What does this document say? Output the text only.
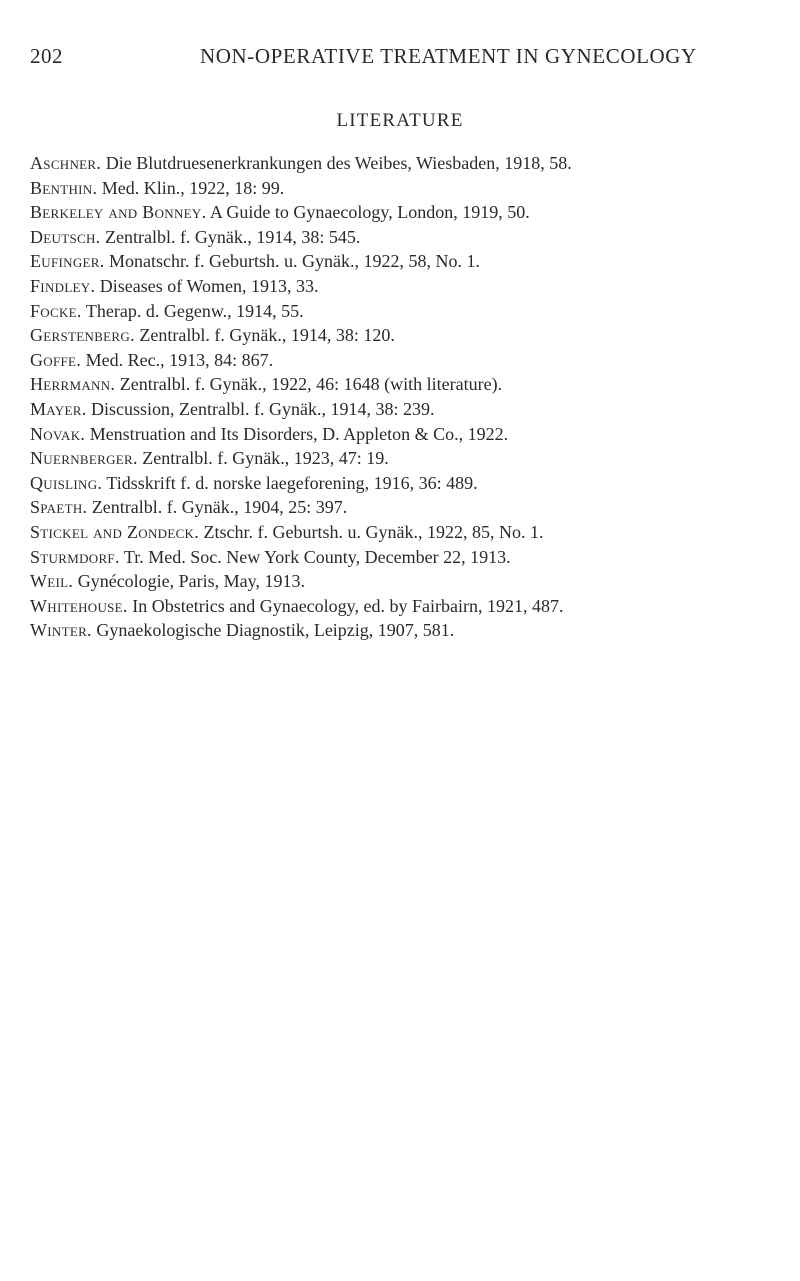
202	NON-OPERATIVE TREATMENT IN GYNECOLOGY
LITERATURE
Aschner. Die Blutdruesenerkrankungen des Weibes, Wiesbaden, 1918, 58.
Benthin. Med. Klin., 1922, 18: 99.
Berkeley and Bonney. A Guide to Gynaecology, London, 1919, 50.
Deutsch. Zentralbl. f. Gynäk., 1914, 38: 545.
Eufinger. Monatschr. f. Geburtsh. u. Gynäk., 1922, 58, No. 1.
Findley. Diseases of Women, 1913, 33.
Focke. Therap. d. Gegenw., 1914, 55.
Gerstenberg. Zentralbl. f. Gynäk., 1914, 38: 120.
Goffe. Med. Rec., 1913, 84: 867.
Herrmann. Zentralbl. f. Gynäk., 1922, 46: 1648 (with literature).
Mayer. Discussion, Zentralbl. f. Gynäk., 1914, 38: 239.
Novak. Menstruation and Its Disorders, D. Appleton & Co., 1922.
Nuernberger. Zentralbl. f. Gynäk., 1923, 47: 19.
Quisling. Tidsskrift f. d. norske laegeforening, 1916, 36: 489.
Spaeth. Zentralbl. f. Gynäk., 1904, 25: 397.
Stickel and Zondeck. Ztschr. f. Geburtsh. u. Gynäk., 1922, 85, No. 1.
Sturmdorf. Tr. Med. Soc. New York County, December 22, 1913.
Weil. Gynécologie, Paris, May, 1913.
Whitehouse. In Obstetrics and Gynaecology, ed. by Fairbairn, 1921, 487.
Winter. Gynaekologische Diagnostik, Leipzig, 1907, 581.
